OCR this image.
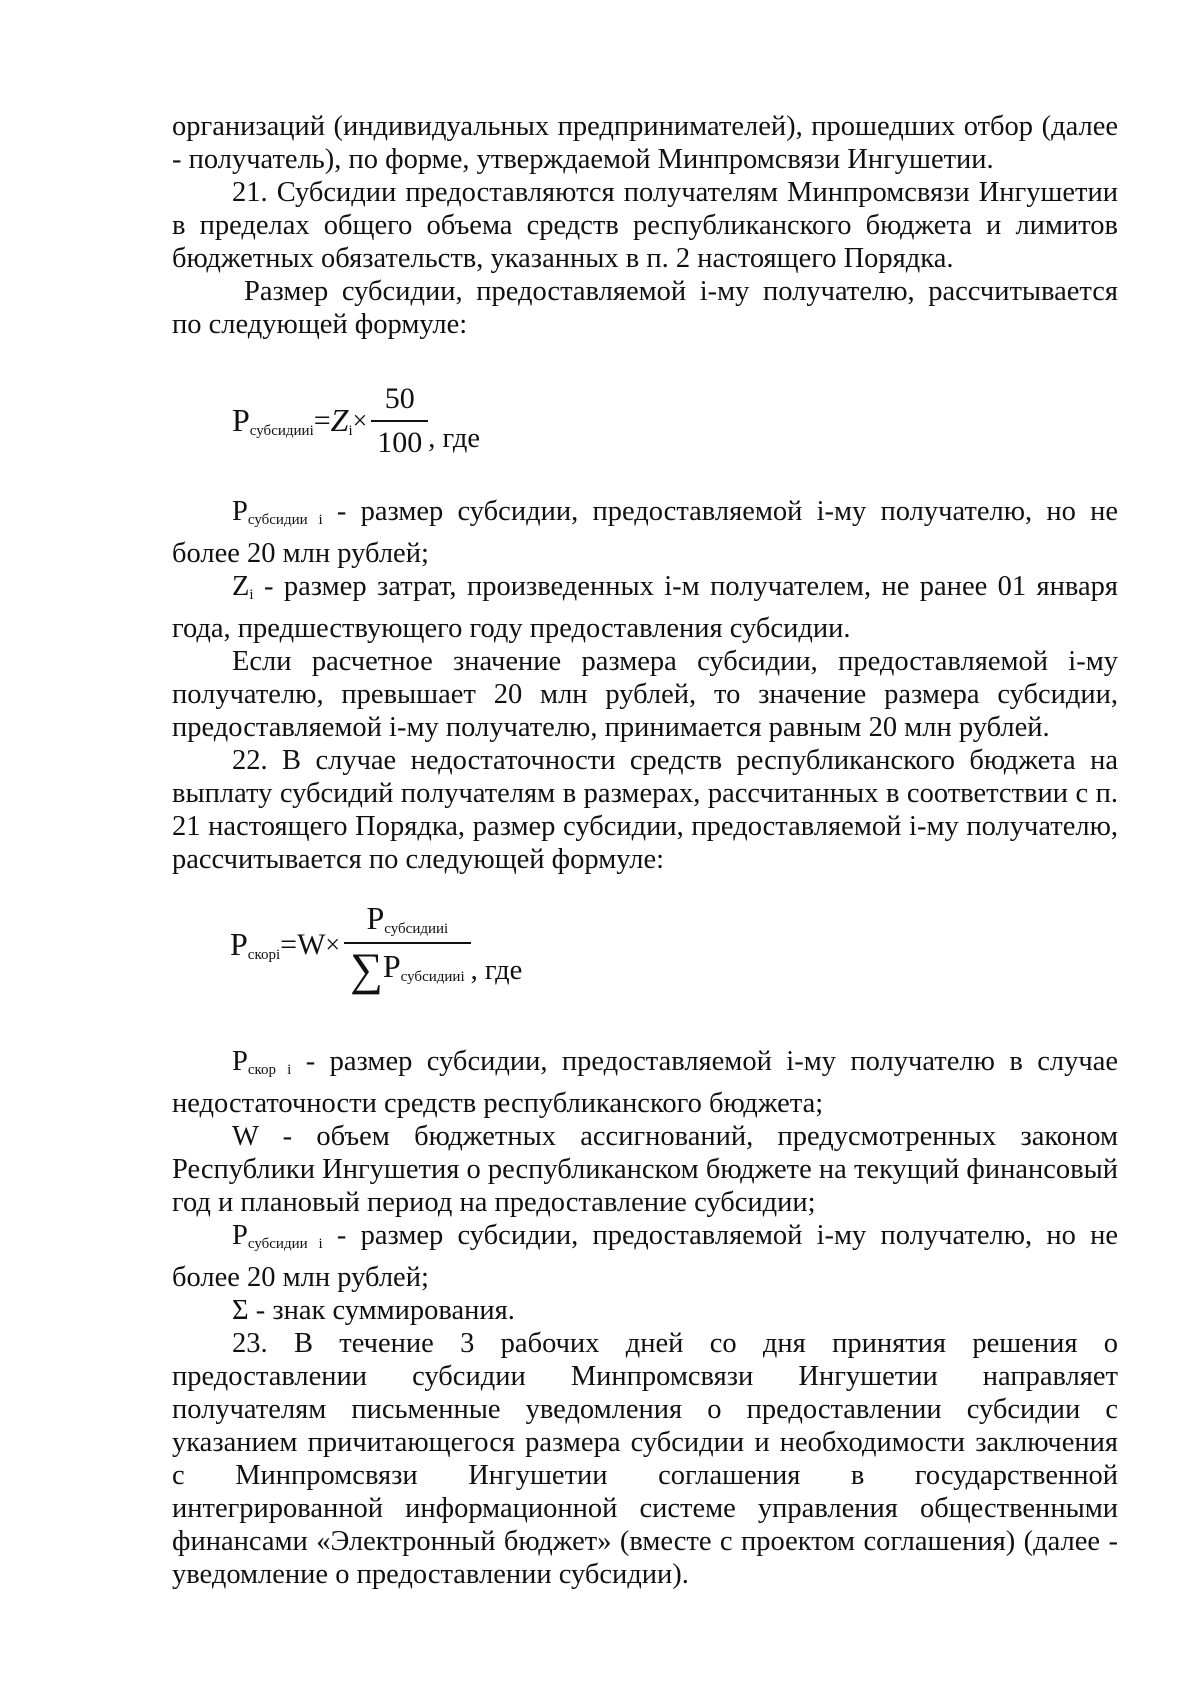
организаций (индивидуальных предпринимателей), прошедших отбор (далее - получатель), по форме, утверждаемой Минпромсвязи Ингушетии.

21. Субсидии предоставляются получателям Минпромсвязи Ингушетии в пределах общего объема средств республиканского бюджета и лимитов бюджетных обязательств, указанных в п. 2 настоящего Порядка.

Размер субсидии, предоставляемой i-му получателю, рассчитывается по следующей формуле:

$P_{субсидииi}=Z_i\times \frac{50}{100}$ , где

$P_{субсидии i}$ - размер субсидии, предоставляемой i-му получателю, но не более 20 млн рублей;

$Z_i$ - размер затрат, произведенных i-м получателем, не ранее 01 января года, предшествующего году предоставления субсидии.

Если расчетное значение размера субсидии, предоставляемой i-му получателю, превышает 20 млн рублей, то значение размера субсидии, предоставляемой i-му получателю, принимается равным 20 млн рублей.

22. В случае недостаточности средств республиканского бюджета на выплату субсидий получателям в размерах, рассчитанных в соответствии с п. 21 настоящего Порядка, размер субсидии, предоставляемой i-му получателю, рассчитывается по следующей формуле:

$P_{скорi}=W\times \frac{P_{субсидииi}}{\sum P_{субсидииi}}$ , где

$P_{скор i}$ - размер субсидии, предоставляемой i-му получателю в случае недостаточности средств республиканского бюджета;

W - объем бюджетных ассигнований, предусмотренных законом Республики Ингушетия о республиканском бюджете на текущий финансовый год и плановый период на предоставление субсидии;

$P_{субсидии i}$ - размер субсидии, предоставляемой i-му получателю, но не более 20 млн рублей;

Σ - знак суммирования.

23. В течение 3 рабочих дней со дня принятия решения о предоставлении субсидии Минпромсвязи Ингушетии направляет получателям письменные уведомления о предоставлении субсидии с указанием причитающегося размера субсидии и необходимости заключения с Минпромсвязи Ингушетии соглашения в государственной интегрированной информационной системе управления общественными финансами «Электронный бюджет» (вместе с проектом соглашения) (далее - уведомление о предоставлении субсидии).
